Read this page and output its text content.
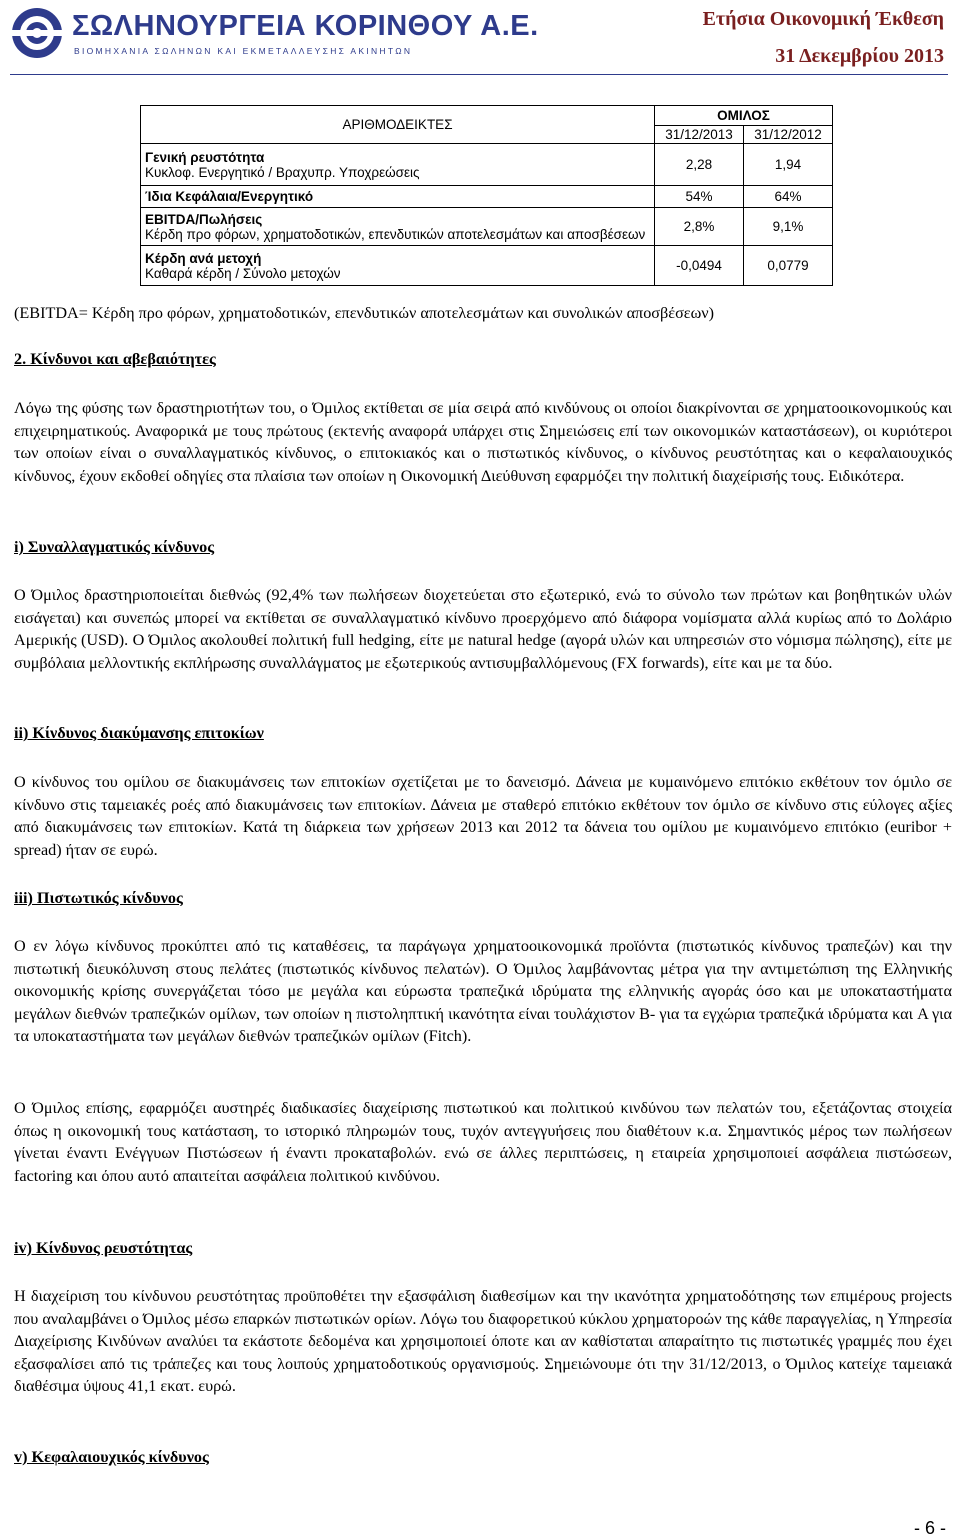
ΣΩΛΗΝΟΥΡΓΕΙΑ ΚΟΡΙΝΘΟΥ Α.Ε.
ΒΙΟΜΗΧΑΝΙΑ ΣΩΛΗΝΩΝ ΚΑΙ ΕΚΜΕΤΑΛΛΕΥΣΗΣ ΑΚΙΝΗΤΩΝ
Ετήσια Οικονομική Έκθεση
31 Δεκεμβρίου 2013
ΑΡΙΘΜΟΔΕΙΚΤΕΣ	ΟΜΙΛΟΣ	
	31/12/2013	31/12/2012

Γενική ρευστότητα
Κυκλοφ. Ενεργητικό / Βραχυπρ. Υποχρεώσεις	2,28	1,94

Ίδια Κεφάλαια/Ενεργητικό	54%	64%

EBITDA/Πωλήσεις
Κέρδη προ φόρων, χρηματοδοτικών, επενδυτικών αποτελεσμάτων και αποσβέσεων	2,8%	9,1%

Κέρδη ανά μετοχή
Καθαρά κέρδη / Σύνολο μετοχών	-0,0494	0,0779
(EBITDA= Κέρδη προ φόρων, χρηματοδοτικών, επενδυτικών αποτελεσμάτων και συνολικών αποσβέσεων)
2. Κίνδυνοι και αβεβαιότητες
Λόγω της φύσης των δραστηριοτήτων του, ο Όμιλος εκτίθεται σε μία σειρά από κινδύνους οι οποίοι διακρίνονται σε χρηματοοικονομικούς και επιχειρηματικούς. Αναφορικά με τους πρώτους (εκτενής αναφορά υπάρχει στις Σημειώσεις επί των οικονομικών καταστάσεων), οι κυριότεροι των οποίων είναι ο συναλλαγματικός κίνδυνος, ο επιτοκιακός και ο πιστωτικός κίνδυνος, ο κίνδυνος ρευστότητας και ο κεφαλαιουχικός κίνδυνος, έχουν εκδοθεί οδηγίες στα πλαίσια των οποίων η Οικονομική Διεύθυνση εφαρμόζει την πολιτική διαχείρισής τους. Ειδικότερα.
i) Συναλλαγματικός κίνδυνος
Ο Όμιλος δραστηριοποιείται διεθνώς (92,4% των πωλήσεων διοχετεύεται στο εξωτερικό, ενώ το σύνολο των πρώτων και βοηθητικών υλών εισάγεται) και συνεπώς μπορεί να εκτίθεται σε συναλλαγματικό κίνδυνο προερχόμενο από διάφορα νομίσματα αλλά κυρίως από το Δολάριο Αμερικής (USD). Ο Όμιλος ακολουθεί πολιτική full hedging, είτε με natural hedge (αγορά υλών και υπηρεσιών στο νόμισμα πώλησης), είτε με συμβόλαια μελλοντικής εκπλήρωσης συναλλάγματος με εξωτερικούς αντισυμβαλλόμενους (FX forwards), είτε και με τα δύο.
ii) Κίνδυνος διακύμανσης επιτοκίων
Ο κίνδυνος του ομίλου σε διακυμάνσεις των επιτοκίων σχετίζεται με το δανεισμό. Δάνεια με κυμαινόμενο επιτόκιο εκθέτουν τον όμιλο σε κίνδυνο στις ταμειακές ροές από διακυμάνσεις των επιτοκίων. Δάνεια με σταθερό επιτόκιο εκθέτουν τον όμιλο σε κίνδυνο στις εύλογες αξίες από διακυμάνσεις των επιτοκίων. Κατά τη διάρκεια των χρήσεων 2013 και 2012 τα δάνεια του ομίλου με κυμαινόμενο επιτόκιο (euribor + spread) ήταν σε ευρώ.
iii) Πιστωτικός κίνδυνος
Ο εν λόγω κίνδυνος προκύπτει από τις καταθέσεις, τα παράγωγα χρηματοοικονομικά προϊόντα (πιστωτικός κίνδυνος τραπεζών) και την πιστωτική διευκόλυνση στους πελάτες (πιστωτικός κίνδυνος πελατών). Ο Όμιλος λαμβάνοντας μέτρα για την αντιμετώπιση της Ελληνικής οικονομικής κρίσης συνεργάζεται τόσο με μεγάλα και εύρωστα τραπεζικά ιδρύματα της ελληνικής αγοράς όσο και με υποκαταστήματα μεγάλων διεθνών τραπεζικών ομίλων, των οποίων η πιστοληπτική ικανότητα είναι τουλάχιστον B- για τα εγχώρια τραπεζικά ιδρύματα και A για τα υποκαταστήματα των μεγάλων διεθνών τραπεζικών ομίλων (Fitch).
Ο Όμιλος επίσης, εφαρμόζει αυστηρές διαδικασίες διαχείρισης πιστωτικού και πολιτικού κινδύνου των πελατών του, εξετάζοντας στοιχεία όπως η οικονομική τους κατάσταση, το ιστορικό πληρωμών τους, τυχόν αντεγγυήσεις που διαθέτουν κ.α. Σημαντικός μέρος των πωλήσεων γίνεται έναντι Ενέγγυων Πιστώσεων ή έναντι προκαταβολών. ενώ σε άλλες περιπτώσεις, η εταιρεία χρησιμοποιεί ασφάλεια πιστώσεων, factoring και όπου αυτό απαιτείται ασφάλεια πολιτικού κινδύνου.
iv) Κίνδυνος ρευστότητας
Η διαχείριση του κίνδυνου ρευστότητας προϋποθέτει την εξασφάλιση διαθεσίμων και την ικανότητα χρηματοδότησης των επιμέρους projects που αναλαμβάνει ο Όμιλος μέσω επαρκών πιστωτικών ορίων. Λόγω του διαφορετικού κύκλου χρηματοροών της κάθε παραγγελίας, η Υπηρεσία Διαχείρισης Κινδύνων αναλύει τα εκάστοτε δεδομένα και χρησιμοποιεί όποτε και αν καθίσταται απαραίτητο τις πιστωτικές γραμμές που έχει εξασφαλίσει από τις τράπεζες και τους λοιπούς χρηματοδοτικούς οργανισμούς. Σημειώνουμε ότι την 31/12/2013, ο Όμιλος κατείχε ταμειακά διαθέσιμα ύψους 41,1 εκατ. ευρώ.
v) Κεφαλαιουχικός κίνδυνος
- 6 -
